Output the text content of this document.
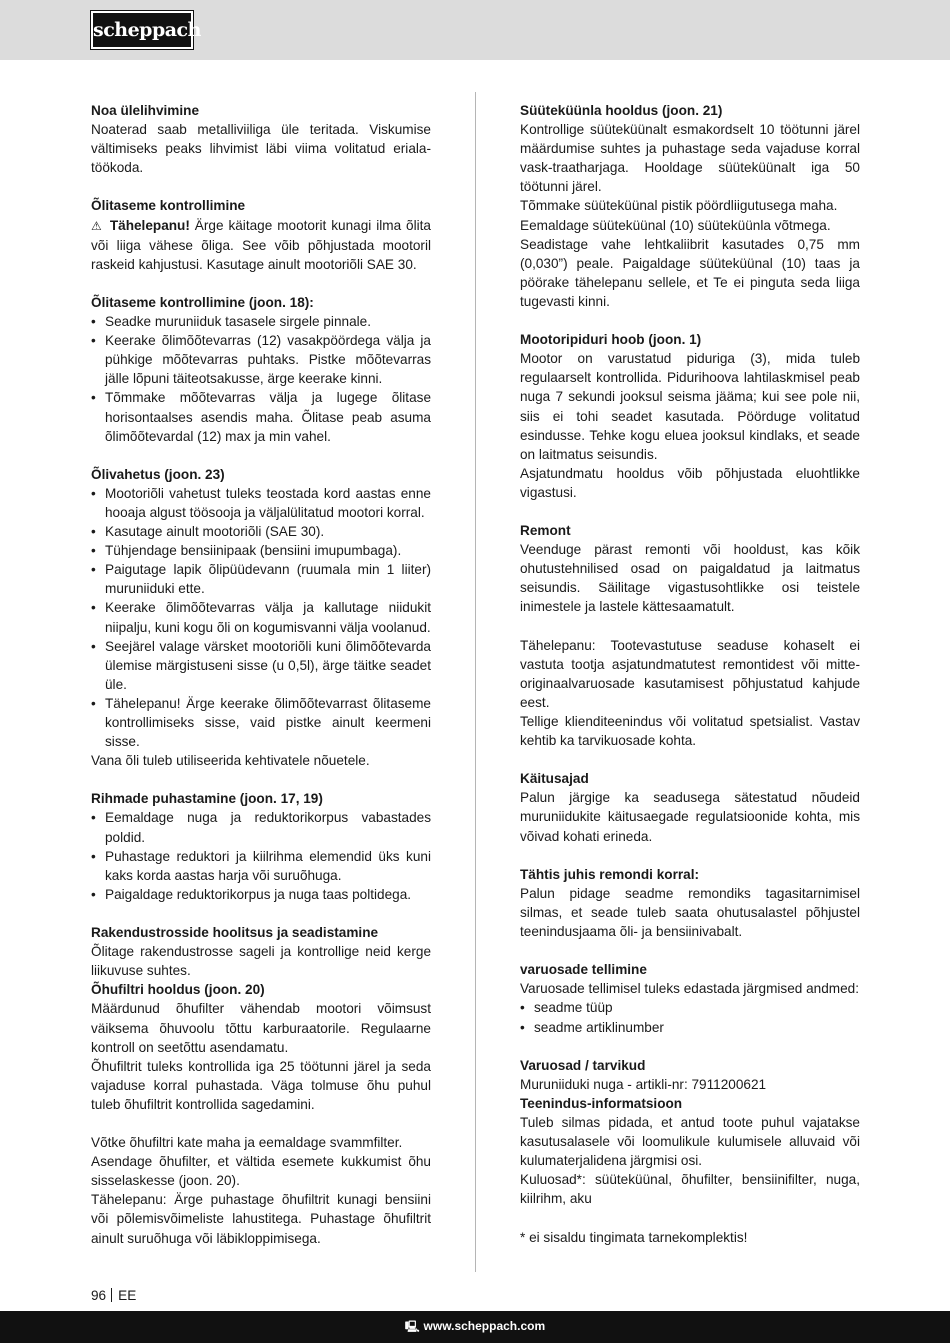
scheppach
Noa ülelihvimine

Noaterad saab metalliviiliga üle teritada. Viskumise vältimiseks peaks lihvimist läbi viima volitatud eriala-töökoda.

Õlitaseme kontrollimine

⚠ Tähelepanu! Ärge käitage mootorit kunagi ilma õlita või liiga vähese õliga. See võib põhjustada mootoril raskeid kahjustusi. Kasutage ainult mootoriõli SAE 30.

Õlitaseme kontrollimine (joon. 18):
• Seadke muruniiduk tasasele sirgele pinnale.
• Keerake õlimõõtevarras (12) vasakpöördega välja ja pühkige mõõtevarras puhtaks. Pistke mõõtevarras jälle lõpuni täiteotsakusse, ärge keerake kinni.
• Tõmmake mõõtevarras välja ja lugege õlitase horisontaalses asendis maha. Õlitase peab asuma õlimõõtevardal (12) max ja min vahel.
Õlivahetus (joon. 23)
• Mootoriõli vahetust tuleks teostada kord aastas enne hooaja algust töösooja ja väljalülitatud mootori korral.
• Kasutage ainult mootoriõli (SAE 30).
• Tühjendage bensiinipaak (bensiini imupumbaga).
• Paigutage lapik õlipüüdevann (ruumala min 1 liiter) muruniiduki ette.
• Keerake õlimõõtevarras välja ja kallutage niidukit niipalju, kuni kogu õli on kogumisvanni välja voolanud.
• Seejärel valage värsket mootoriõli kuni õlimõõtevarda ülemise märgistuseni sisse (u 0,5l), ärge täitke seadet üle.
• Tähelepanu! Ärge keerake õlimõõtevarrast õlitaseme kontrollimiseks sisse, vaid pistke ainult keermeni sisse.

Vana õli tuleb utiliseerida kehtivatele nõuetele.

Rihmade puhastamine (joon. 17, 19)
• Eemaldage nuga ja reduktorikorpus vabastades poldid.
• Puhastage reduktori ja kiilrihma elemendid üks kuni kaks korda aastas harja või suruõhuga.
• Paigaldage reduktorikorpus ja nuga taas poltidega.
Rakendustrosside hoolitsus ja seadistamine

Õlitage rakendustrosse sageli ja kontrollige neid kerge liikuvuse suhtes.

Õhufiltri hooldus (joon. 20)

Määrdunud õhufilter vähendab mootori võimsust väiksema õhuvoolu tõttu karburaatorile. Regulaarne kontroll on seetõttu asendamatu.

Õhufiltrit tuleks kontrollida iga 25 töötunni järel ja seda vajaduse korral puhastada. Väga tolmuse õhu puhul tuleb õhufiltrit kontrollida sagedamini.

Võtke õhufiltri kate maha ja eemaldage svammfilter.

Asendage õhufilter, et vältida esemete kukkumist õhu sisselaskesse (joon. 20).

Tähelepanu: Ärge puhastage õhufiltrit kunagi bensiini või põlemisvõimeliste lahustitega. Puhastage õhufiltrit ainult suruõhuga või läbikloppimisega.

Süüteküünla hooldus (joon. 21)

Kontrollige süüteküünalt esmakordselt 10 töötunni järel määrdumise suhtes ja puhastage seda vajaduse korral vask-traatharjaga. Hooldage süüteküünalt iga 50 töötunni järel.

Tõmmake süüteküünal pistik pöördliigutusega maha.

Eemaldage süüteküünal (10) süüteküünla võtmega.

Seadistage vahe lehtkaliibrit kasutades 0,75 mm (0,030”) peale. Paigaldage süüteküünal (10) taas ja pöörake tähelepanu sellele, et Te ei pinguta seda liiga tugevasti kinni.

Mootoripiduri hoob (joon. 1)

Mootor on varustatud piduriga (3), mida tuleb regulaarselt kontrollida. Pidurihoova lahtilaskmisel peab nuga 7 sekundi jooksul seisma jääma; kui see pole nii, siis ei tohi seadet kasutada. Pöörduge volitatud esindusse. Tehke kogu eluea jooksul kindlaks, et seade on laitmatus seisundis.

Asjatundmatu hooldus võib põhjustada eluohtlikke vigastusi.

Remont

Veenduge pärast remonti või hooldust, kas kõik ohutustehnilised osad on paigaldatud ja laitmatus seisundis. Säilitage vigastusohtlikke osi teistele inimestele ja lastele kättesaamatult.

Tähelepanu: Tootevastutuse seaduse kohaselt ei vastuta tootja asjatundmatutest remontidest või mitte-originaalvaruosade kasutamisest põhjustatud kahjude eest.

Tellige klienditeenindus või volitatud spetsialist. Vastav kehtib ka tarvikuosade kohta.

Käitusajad

Palun järgige ka seadusega sätestatud nõudeid muruniidukite käitusaegade regulatsioonide kohta, mis võivad kohati erineda.

Tähtis juhis remondi korral:

Palun pidage seadme remondiks tagasitarnimisel silmas, et seade tuleb saata ohutusalastel põhjustel teenindusjaama õli- ja bensiinivabalt.

varuosade tellimine

Varuosade tellimisel tuleks edastada järgmised andmed:

• seadme tüüp
• seadme artiklinumber
Varuosad / tarvikud

Muruniiduki nuga - artikli-nr: 7911200621

Teenindus-informatsioon

Tuleb silmas pidada, et antud toote puhul vajatakse kasutusalasele või loomulikule kulumisele alluvaid või kulumaterjalidena järgmisi osi.

Kuluosad*: süüteküünal, õhufilter, bensiinifilter, nuga, kiilrihm, aku

* ei sisaldu tingimata tarnekomplektis!

96 EE
🖳 www.scheppach.com
